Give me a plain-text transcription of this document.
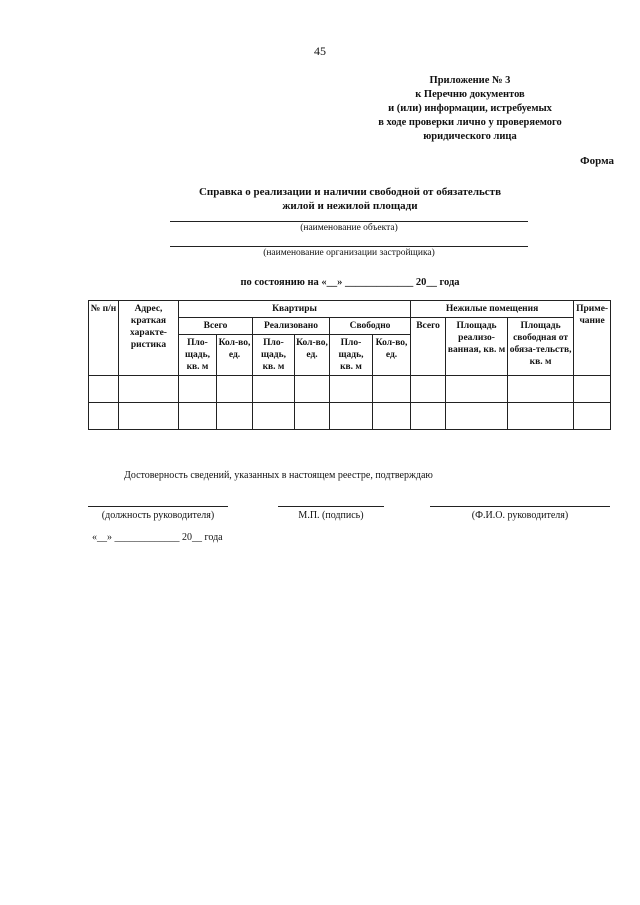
45
Приложение № 3
к Перечню документов
и (или) информации, истребуемых
в ходе проверки лично у проверяемого
юридического лица
Форма
Справка о реализации и наличии свободной от обязательств
жилой и нежилой площади
(наименование объекта)
(наименование организации застройщика)
по состоянию на «__» _____________ 20__ года
№ п/н	Адрес, краткая характе-ристика	Квартиры						Нежилые помещения			Приме-чание
		Всего		Реализовано		Свободно		Всего	Площадь реализо-ванная, кв. м	Площадь свободная от обяза-тельств, кв. м	
		Пло-щадь, кв. м	Кол-во, ед.	Пло-щадь, кв. м	Кол-во, ед.	Пло-щадь, кв. м	Кол-во, ед.				

Достоверность сведений, указанных в настоящем реестре, подтверждаю
(должность руководителя)	М.П. (подпись)	(Ф.И.О. руководителя)
«__» _____________ 20__ года
